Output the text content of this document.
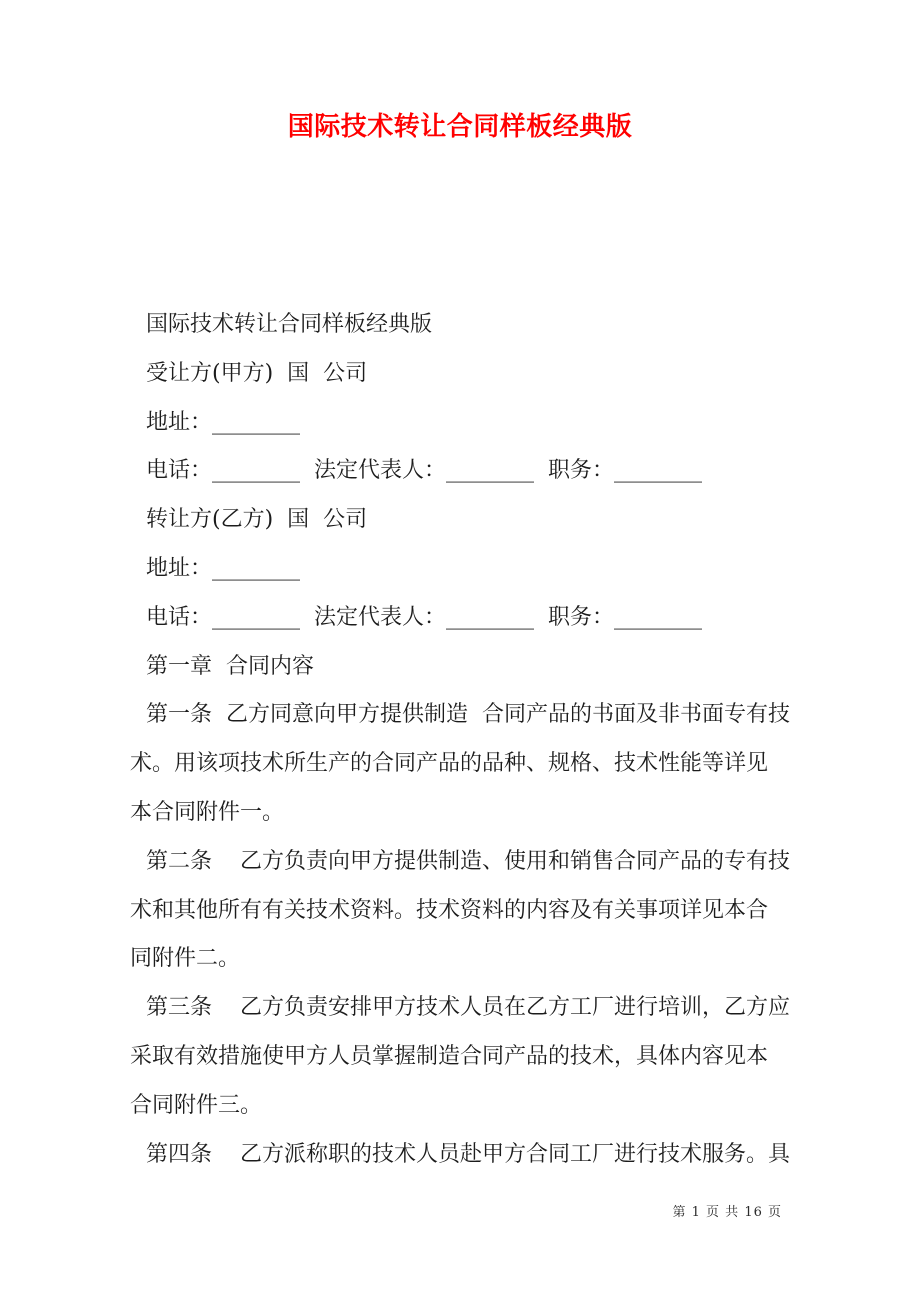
国际技术转让合同样板经典版
国际技术转让合同样板经典版
受让方(甲方)  国  公司
地址：________
电话：________  法定代表人：________  职务：________
转让方(乙方)  国  公司
地址：________
电话：________  法定代表人：________  职务：________
第一章  合同内容
第一条  乙方同意向甲方提供制造  合同产品的书面及非书面专有技
术。用该项技术所生产的合同产品的品种、规格、技术性能等详见
本合同附件一。
第二条    乙方负责向甲方提供制造、使用和销售合同产品的专有技
术和其他所有有关技术资料。技术资料的内容及有关事项详见本合
同附件二。
第三条    乙方负责安排甲方技术人员在乙方工厂进行培训，乙方应
采取有效措施使甲方人员掌握制造合同产品的技术，具体内容见本
合同附件三。
第四条    乙方派称职的技术人员赴甲方合同工厂进行技术服务。具
第 1 页 共 16 页
